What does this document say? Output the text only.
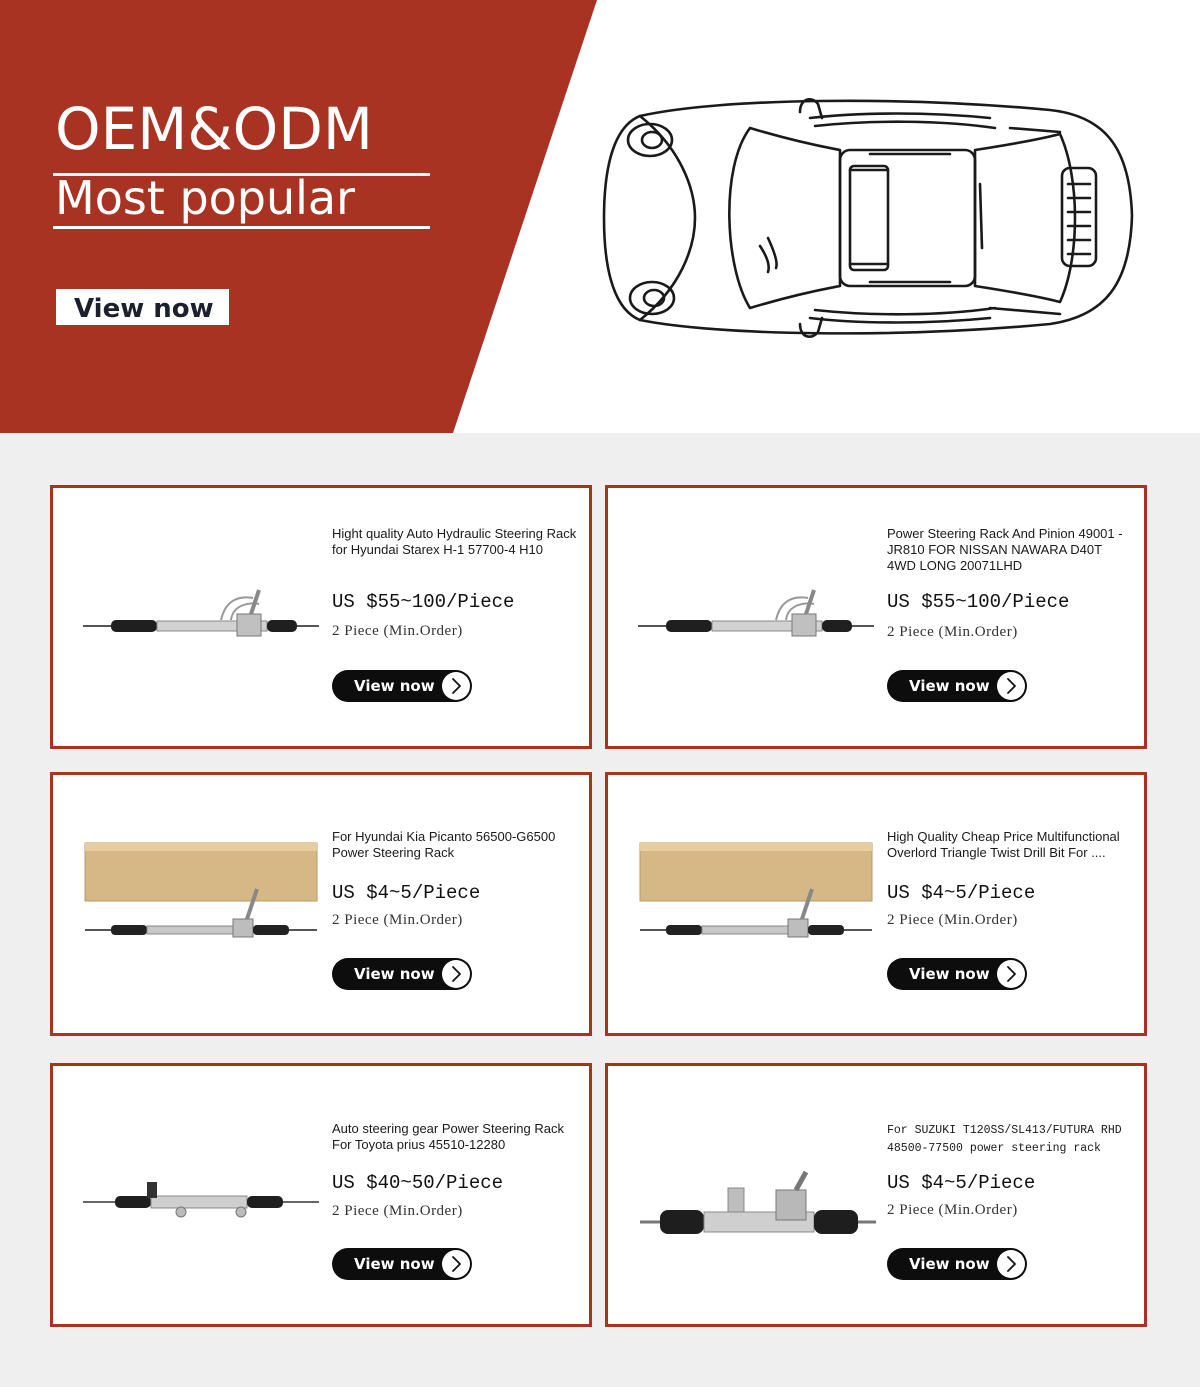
OEM&ODM
Most popular
View now
Hight quality Auto Hydraulic Steering Rack for Hyundai Starex H-1 57700-4 H10
US $55~100/Piece
2 Piece (Min.Order)
View now
Power Steering Rack And Pinion 49001 -JR810 FOR NISSAN NAWARA D40T 4WD LONG 20071LHD
US $55~100/Piece
2 Piece (Min.Order)
View now
For Hyundai Kia Picanto 56500-G6500 Power Steering Rack
US $4~5/Piece
2 Piece (Min.Order)
View now
High Quality Cheap Price Multifunctional Overlord Triangle Twist Drill Bit For ....
US $4~5/Piece
2 Piece (Min.Order)
View now
Auto steering gear Power Steering Rack For Toyota prius 45510-12280
US $40~50/Piece
2 Piece (Min.Order)
View now
For SUZUKI T120SS/SL413/FUTURA RHD 48500-77500 power steering rack
US $4~5/Piece
2 Piece (Min.Order)
View now
